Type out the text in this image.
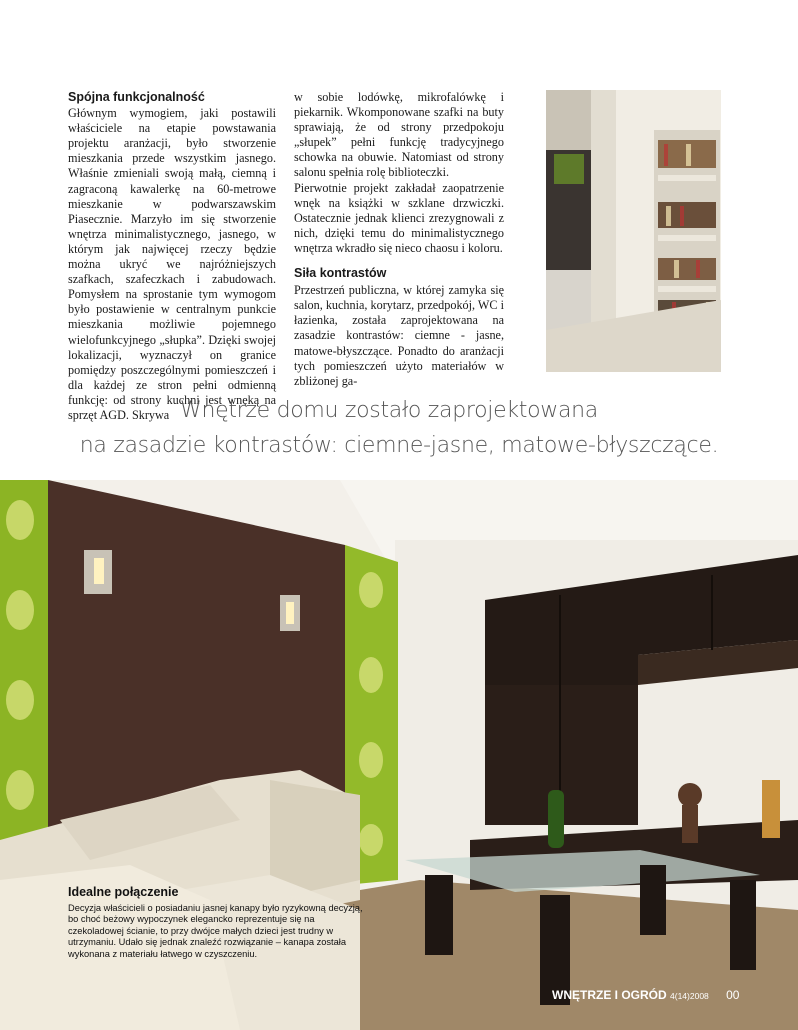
Spójna funkcjonalność

Głównym wymogiem, jaki postawili właściciele na etapie powstawania projektu aranżacji, było stworzenie mieszkania przede wszystkim jasnego. Właśnie zmieniali swoją małą, ciemną i zagraconą kawalerkę na 60-metrowe mieszkanie w podwarszawskim Piasecznie. Marzyło im się stworzenie wnętrza minimalistycznego, jasnego, w którym jak najwięcej rzeczy będzie można ukryć we najróżniejszych szafkach, szafeczkach i zabudowach. Pomysłem na sprostanie tym wymogom było postawienie w centralnym punkcie mieszkania możliwie pojemnego wielofunkcyjnego „słupka”. Dzięki swojej lokalizacji, wyznaczył on granice pomiędzy poszczególnymi pomieszczeń i dla każdej ze stron pełni odmienną funkcję: od strony kuchni jest wnęką na sprzęt AGD. Skrywa

w sobie lodówkę, mikrofalówkę i piekarnik. Wkomponowane szafki na buty sprawiają, że od strony przedpokoju „słupek” pełni funkcję tradycyjnego schowka na obuwie. Natomiast od strony salonu spełnia rolę biblioteczki.

Pierwotnie projekt zakładał zaopatrzenie wnęk na książki w szklane drzwiczki. Ostatecznie jednak klienci zrezygnowali z nich, dzięki temu do minimalistycznego wnętrza wkradło się nieco chaosu i koloru.

Siła kontrastów

Przestrzeń publiczna, w której zamyka się salon, kuchnia, korytarz, przedpokój, WC i łazienka, została zaprojektowana na zasadzie kontrastów: ciemne - jasne, matowe-błyszczące. Ponadto do aranżacji tych pomieszczeń użyto materiałów w zbliżonej ga-

Wnętrze domu zostało zaprojektowana
na zasadzie kontrastów: ciemne-jasne, matowe-błyszczące.
Idealne połączenie

Decyzja właścicieli o posiadaniu jasnej kanapy było ryzykowną decyzją, bo choć beżowy wypoczynek elegancko reprezentuje się na czekoladowej ścianie, to przy dwójce małych dzieci jest trudny w utrzymaniu. Udało się jednak znaleźć rozwiązanie – kanapa została wykonana z materiału łatwego w czyszczeniu.

WNĘTRZE I OGRÓD 4(14)2008 00
